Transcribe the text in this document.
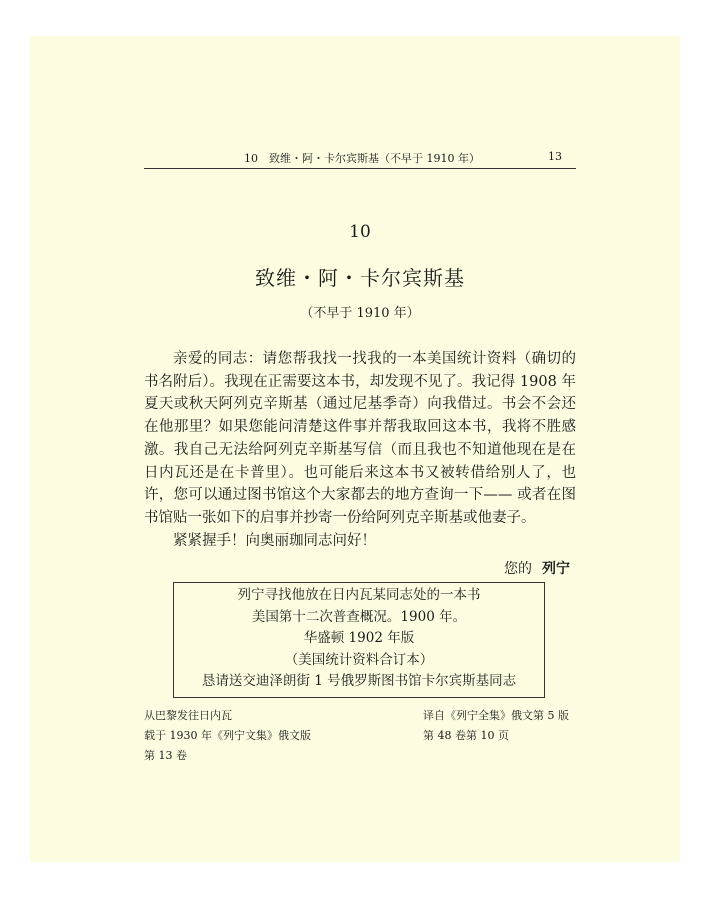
10　致维・阿・卡尔宾斯基（不早于 1910 年）	13
10
致维・阿・卡尔宾斯基
（不早于 1910 年）

亲爱的同志：请您帮我找一找我的一本美国统计资料（确切的书名附后）。我现在正需要这本书，却发现不见了。我记得 1908 年夏天或秋天阿列克辛斯基（通过尼基季奇）向我借过。书会不会还在他那里？如果您能问清楚这件事并帮我取回这本书，我将不胜感激。我自己无法给阿列克辛斯基写信（而且我也不知道他现在是在日内瓦还是在卡普里）。也可能后来这本书又被转借给别人了，也许，您可以通过图书馆这个大家都去的地方查询一下—— 或者在图书馆贴一张如下的启事并抄寄一份给阿列克辛斯基或他妻子。

紧紧握手！向奥丽珈同志问好！

您的 列宁
列宁寻找他放在日内瓦某同志处的一本书
美国第十二次普查概况。1900 年。
华盛顿 1902 年版
（美国统计资料合订本）
恳请送交迪泽朗街 1 号俄罗斯图书馆卡尔宾斯基同志
从巴黎发往日内瓦
载于 1930 年《列宁文集》俄文版
第 13 卷
译自《列宁全集》俄文第 5 版
第 48 卷第 10 页
